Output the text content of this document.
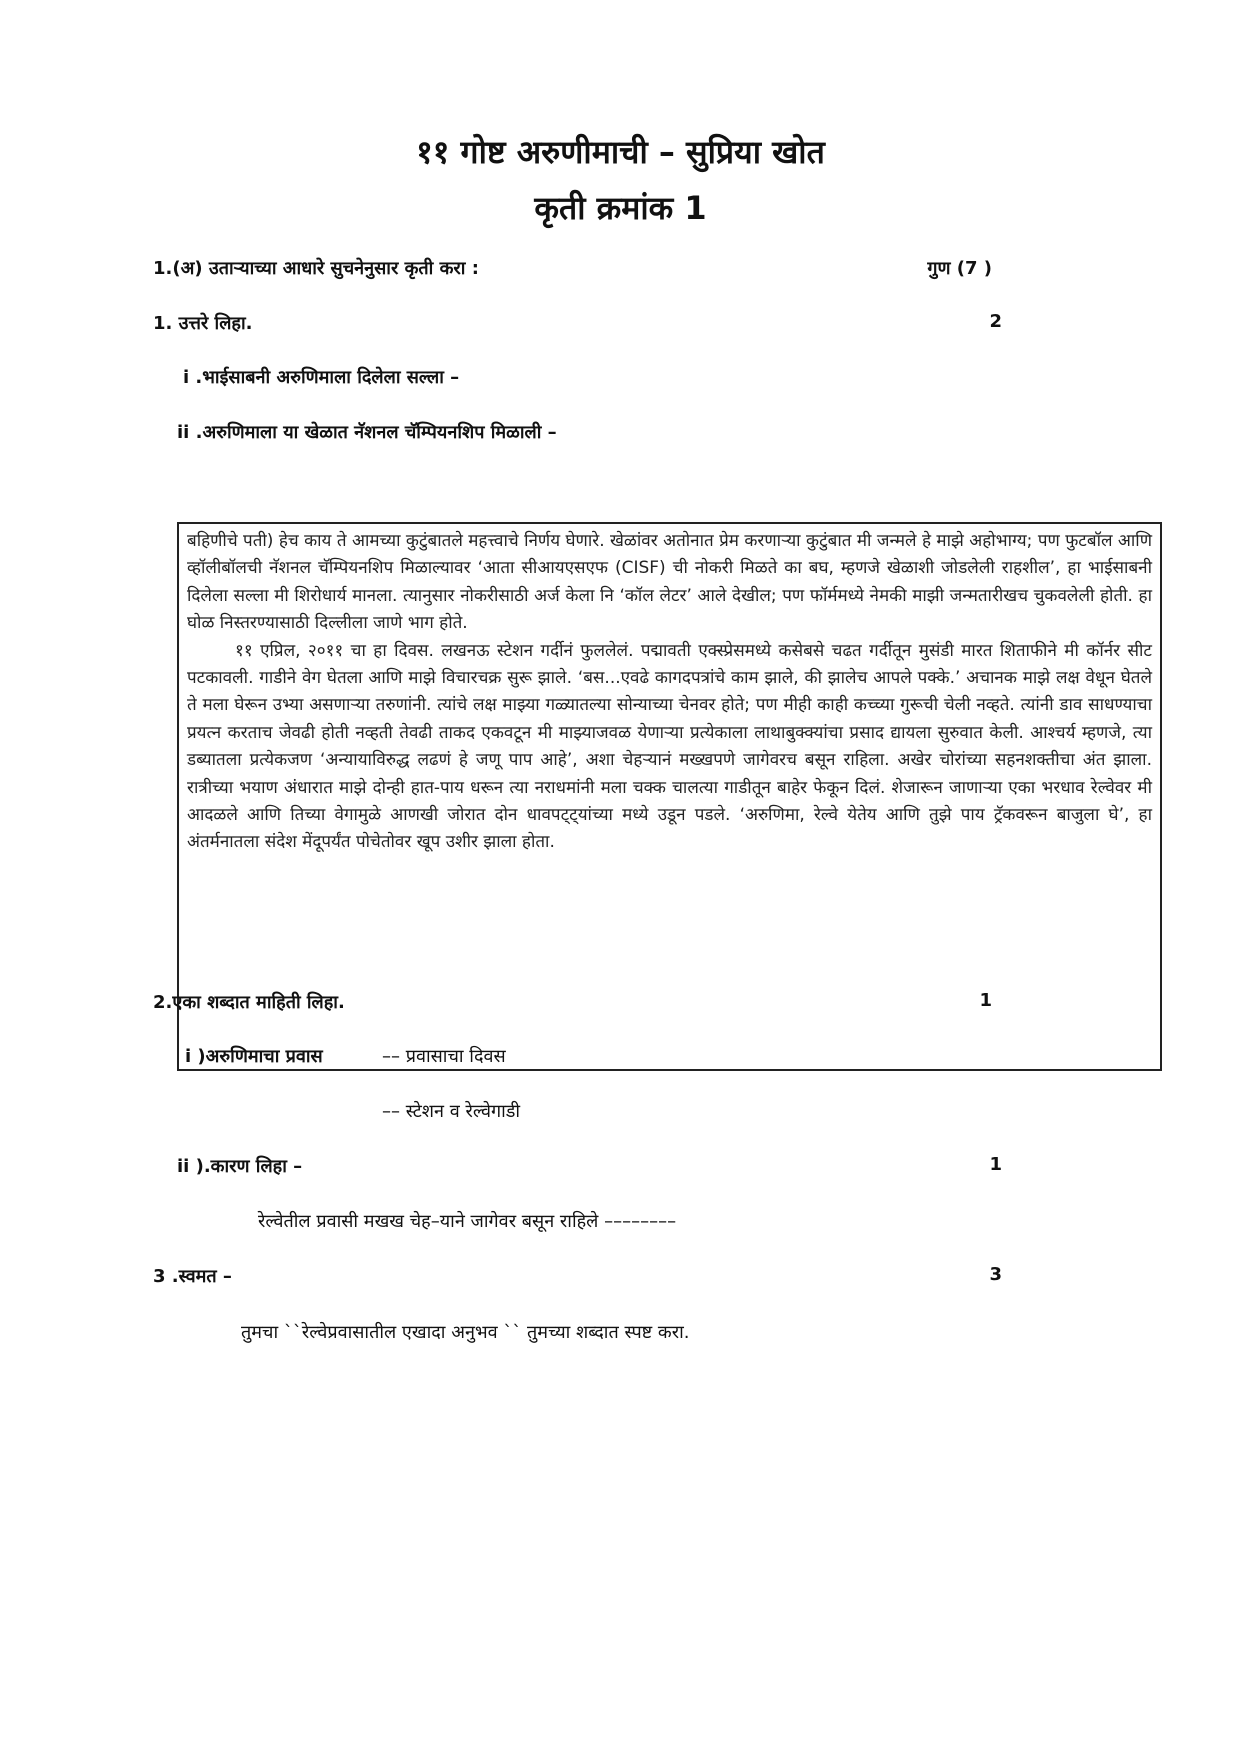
११ गोष्ट अरुणीमाची – सुप्रिया खोत
कृती क्रमांक 1
1.(अ) उताऱ्याच्या आधारे सुचनेनुसार कृती करा :	गुण (7 )
1. उत्तरे लिहा.	2
i .भाईसाबनी अरुणिमाला दिलेला सल्ला –
ii .अरुणिमाला या खेळात नॅशनल चॅम्पियनशिप मिळाली –

बहिणीचे पती) हेच काय ते आमच्या कुटुंबातले महत्त्वाचे निर्णय घेणारे. खेळांवर अतोनात प्रेम करणाऱ्या कुटुंबात मी जन्मले हे माझे अहोभाग्य; पण फुटबॉल आणि व्हॉलीबॉलची नॅशनल चॅम्पियनशिप मिळाल्यावर ‘आता सीआयएसएफ (CISF) ची नोकरी मिळते का बघ, म्हणजे खेळाशी जोडलेली राहशील’, हा भाईसाबनी दिलेला सल्ला मी शिरोधार्य मानला. त्यानुसार नोकरीसाठी अर्ज केला नि ‘कॉल लेटर’ आले देखील; पण फॉर्ममध्ये नेमकी माझी जन्मतारीखच चुकवलेली होती. हा घोळ निस्तरण्यासाठी दिल्लीला जाणे भाग होते.

११ एप्रिल, २०११ चा हा दिवस. लखनऊ स्टेशन गर्दीनं फुललेलं. पद्मावती एक्स्प्रेसमध्ये कसेबसे चढत गर्दीतून मुसंडी मारत शिताफीने मी कॉर्नर सीट पटकावली. गाडीने वेग घेतला आणि माझे विचारचक्र सुरू झाले. ‘बस...एवढे कागदपत्रांचे काम झाले, की झालेच आपले पक्के.’ अचानक माझे लक्ष वेधून घेतले ते मला घेरून उभ्या असणाऱ्या तरुणांनी. त्यांचे लक्ष माझ्या गळ्यातल्या सोन्याच्या चेनवर होते; पण मीही काही कच्च्या गुरूची चेली नव्हते. त्यांनी डाव साधण्याचा प्रयत्न करताच जेवढी होती नव्हती तेवढी ताकद एकवटून मी माझ्याजवळ येणाऱ्या प्रत्येकाला लाथाबुक्क्यांचा प्रसाद द्यायला सुरुवात केली. आश्चर्य म्हणजे, त्या डब्यातला प्रत्येकजण ‘अन्यायाविरुद्ध लढणं हे जणू पाप आहे’, अशा चेहऱ्यानं मख्खपणे जागेवरच बसून राहिला. अखेर चोरांच्या सहनशक्तीचा अंत झाला. रात्रीच्या भयाण अंधारात माझे दोन्ही हात-पाय धरून त्या नराधमांनी मला चक्क चालत्या गाडीतून बाहेर फेकून दिलं. शेजारून जाणाऱ्या एका भरधाव रेल्वेवर मी आदळले आणि तिच्या वेगामुळे आणखी जोरात दोन धावपट्ट्यांच्या मध्ये उडून पडले. ‘अरुणिमा, रेल्वे येतेय आणि तुझे पाय ट्रॅकवरून बाजुला घे’, हा अंतर्मनातला संदेश मेंदूपर्यंत पोचेतोवर खूप उशीर झाला होता.

2.एका शब्दात माहिती लिहा.	1
i )अरुणिमाचा प्रवास	–– प्रवासाचा दिवस
–– स्टेशन व रेल्वेगाडी
ii ).कारण लिहा –	1
रेल्वेतील प्रवासी मखख चेह–याने जागेवर बसून राहिले ––––––––
3 .स्वमत –	3
तुमचा ``रेल्वेप्रवासातील एखादा अनुभव `` तुमच्या शब्दात स्पष्ट करा.
